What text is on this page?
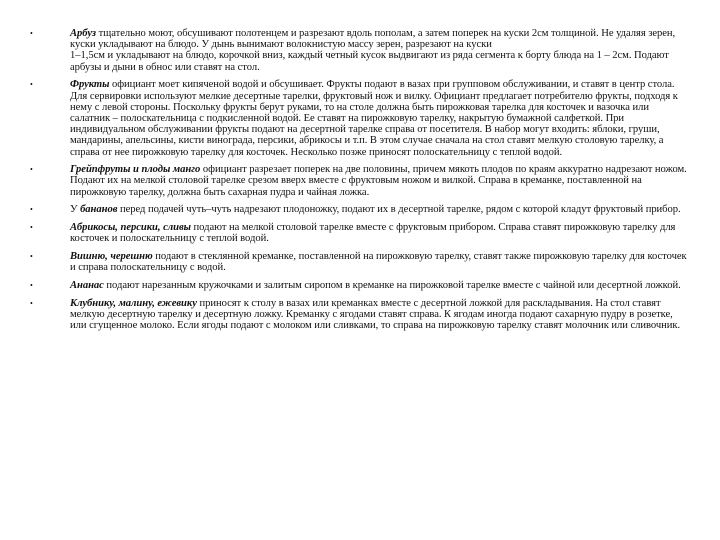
•	Арбуз тщательно моют, обсушивают полотенцем и разрезают вдоль пополам, а затем поперек на куски 2см толщиной. Не удаляя зерен, куски укладывают на блюдо. У дынь вынимают волокнистую массу зерен, разрезают на куски
1–1,5см и укладывают на блюдо, корочкой вниз, каждый четный кусок выдвигают из ряда сегмента к борту блюда на 1 – 2см. Подают арбузы и дыни в обнос или ставят на стол.
•	Фрукты официант моет кипяченой водой и обсушивает. Фрукты подают в вазах при групповом обслуживании, и ставят в центр стола. Для сервировки используют мелкие десертные тарелки, фруктовый нож и вилку. Официант предлагает потребителю фрукты, подходя к нему с левой стороны. Поскольку фрукты берут руками, то на столе должна быть пирожковая тарелка для косточек и вазочка или салатник – полоскательница с подкисленной водой. Ее ставят на пирожковую тарелку, накрытую бумажной салфеткой. При индивидуальном обслуживании фрукты подают на десертной тарелке справа от посетителя. В набор могут входить: яблоки, груши, мандарины, апельсины, кисти винограда, персики, абрикосы и т.п. В этом случае сначала на стол ставят мелкую столовую тарелку, а справа от нее пирожковую тарелку для косточек. Несколько позже приносят полоскательницу с теплой водой.
•	Грейпфруты и плоды манго официант разрезает поперек на две половины, причем мякоть плодов по краям аккуратно надрезают ножом. Подают их на мелкой столовой тарелке срезом вверх вместе с фруктовым ножом и вилкой. Справа в креманке, поставленной на пирожковую тарелку, должна быть сахарная пудра и чайная ложка.
•	У бананов перед подачей чуть–чуть надрезают плодоножку, подают их в десертной тарелке, рядом с которой кладут фруктовый прибор.
•	Абрикосы, персики, сливы подают на мелкой столовой тарелке вместе с фруктовым прибором. Справа ставят пирожковую тарелку для косточек и полоскательницу с теплой водой.
•	Вишню, черешню подают в стеклянной креманке, поставленной на пирожковую тарелку, ставят также пирожковую тарелку для косточек и справа полоскательницу с водой.
•	Ананас подают нарезанным кружочками и залитым сиропом в креманке на пирожковой тарелке вместе с чайной или десертной ложкой.
•	Клубнику, малину, ежевику приносят к столу в вазах или креманках вместе с десертной ложкой для раскладывания. На стол ставят мелкую десертную тарелку и десертную ложку. Креманку с ягодами ставят справа. К ягодам иногда подают сахарную пудру в розетке, или сгущенное молоко. Если ягоды подают с молоком или сливками, то справа на пирожковую тарелку ставят молочник или сливочник.
